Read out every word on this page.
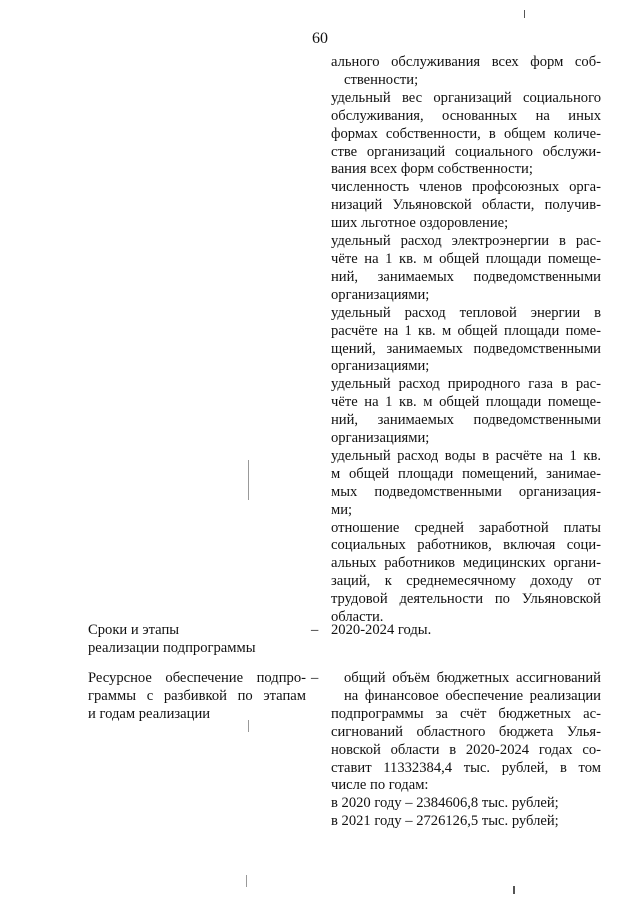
60
ального обслуживания всех форм соб-
ственности;
удельный вес организаций социального
обслуживания, основанных на иных
формах собственности, в общем количе-
стве организаций социального обслужи-
вания всех форм собственности;
численность членов профсоюзных орга-
низаций Ульяновской области, получив-
ших льготное оздоровление;
удельный расход электроэнергии в рас-
чёте на 1 кв. м общей площади помеще-
ний, занимаемых подведомственными
организациями;
удельный расход тепловой энергии в
расчёте на 1 кв. м общей площади поме-
щений, занимаемых подведомственными
организациями;
удельный расход природного газа в рас-
чёте на 1 кв. м общей площади помеще-
ний, занимаемых подведомственными
организациями;
удельный расход воды в расчёте на 1 кв.
м общей площади помещений, занимае-
мых подведомственными организация-
ми;
отношение средней заработной платы
социальных работников, включая соци-
альных работников медицинских органи-
заций, к среднемесячному доходу от
трудовой деятельности по Ульяновской
области.
Сроки и этапы
реализации подпрограммы
– 2020-2024 годы.
Ресурсное обеспечение подпро-
граммы с разбивкой по этапам
и годам реализации
– общий объём бюджетных ассигнований
на финансовое обеспечение реализации
подпрограммы за счёт бюджетных ас-
сигнований областного бюджета Улья-
новской области в 2020-2024 годах со-
ставит 11332384,4 тыс. рублей, в том
числе по годам:
в 2020 году – 2384606,8 тыс. рублей;
в 2021 году – 2726126,5 тыс. рублей;
